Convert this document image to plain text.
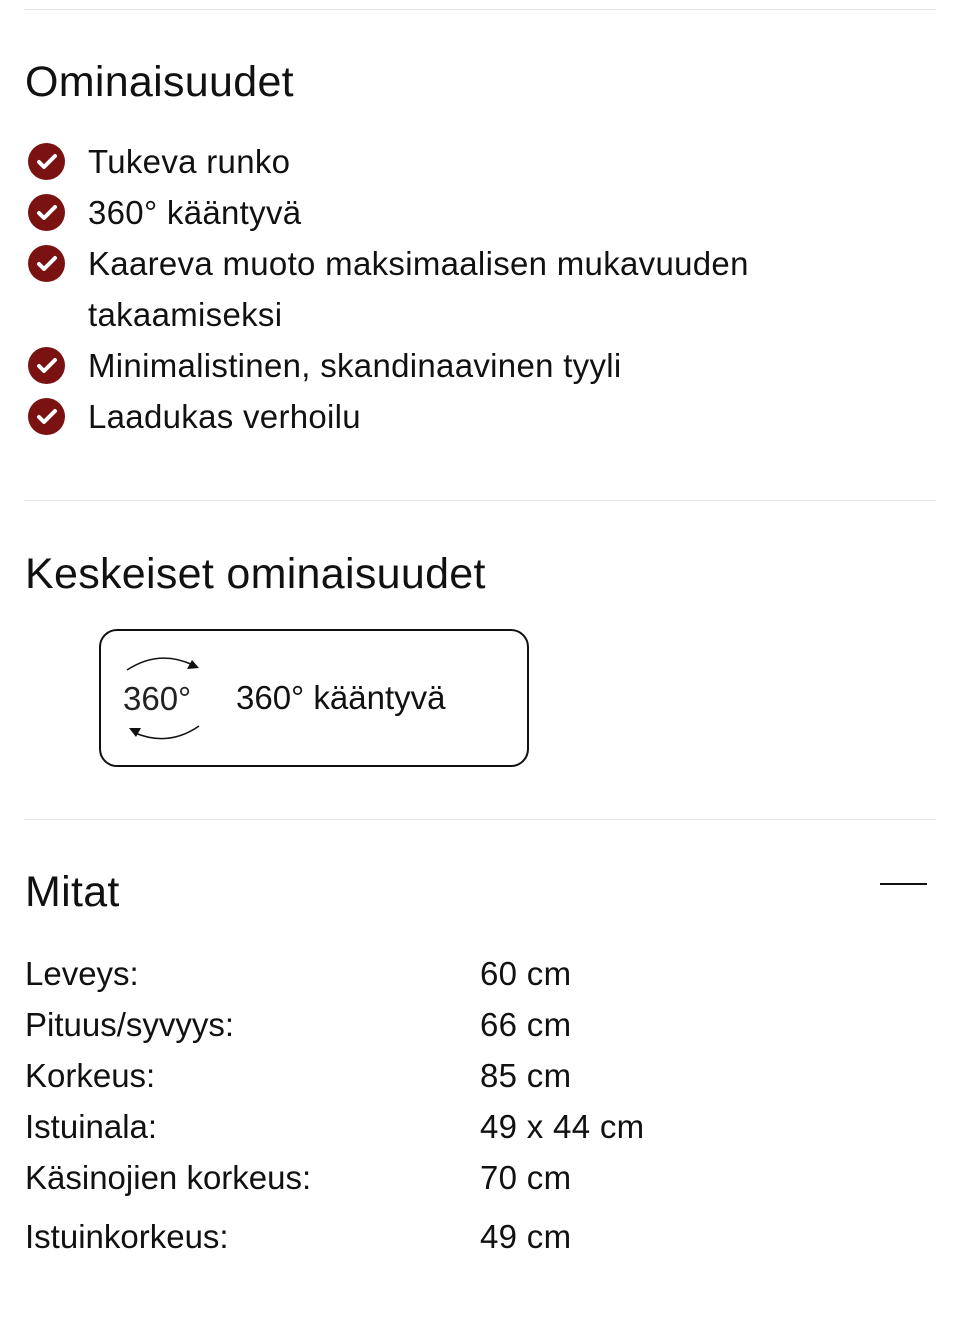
Ominaisuudet
Tukeva runko
360° kääntyvä
Kaareva muoto maksimaalisen mukavuuden takaamiseksi
Minimalistinen, skandinaavinen tyyli
Laadukas verhoilu
Keskeiset ominaisuudet
360° 360° kääntyvä
Mitat
Leveys:	60 cm
Pituus/syvyys:	66 cm
Korkeus:	85 cm
Istuinala:	49 x 44 cm
Käsinojien korkeus:	70 cm
Istuinkorkeus:	49 cm
